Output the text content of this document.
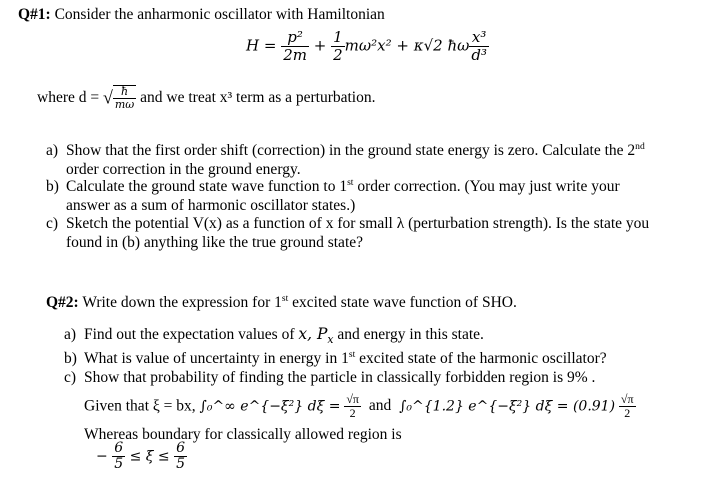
Q#1: Consider the anharmonic oscillator with Hamiltonian
$H = \frac{\text{p²}}{2m} + \frac{1}{2} m\omega^2x^2 + \kappa√2$ ħω $\frac{\text{x³}}{\text{d³}}$
where d = √ $\frac{ħ}{m\omega}$ and we treat x³ term as a perturbation.
a) Show that the first order shift (correction) in the ground state energy is zero. Calculate the 2nd
order correction in the ground energy.
b) Calculate the ground state wave function to 1st order correction. (You may just write your
answer as a sum of harmonic oscillator states.)
c) Sketch the potential V(x) as a function of x for small λ (perturbation strength). Is the state you
found in (b) anything like the true ground state?
Q#2: Write down the expression for 1st excited state wave function of SHO.
a) Find out the expectation values of x, $P_x$ and energy in this state.
b) What is value of uncertainty in energy in 1st excited state of the harmonic oscillator?
c) Show that probability of finding the particle in classically forbidden region is 9% .
Given that ξ = bx, ∫₀^∞ e^{−ξ²} $d\xi = \frac{√\pi}{2}$ and ∫₀^{1.2} e^{−ξ²} $d\xi = (0.91) \frac{√\pi}{2}$
Whereas boundary for classically allowed region is
− $\frac{6}{5} \le \xi \le \frac{6}{5}$
